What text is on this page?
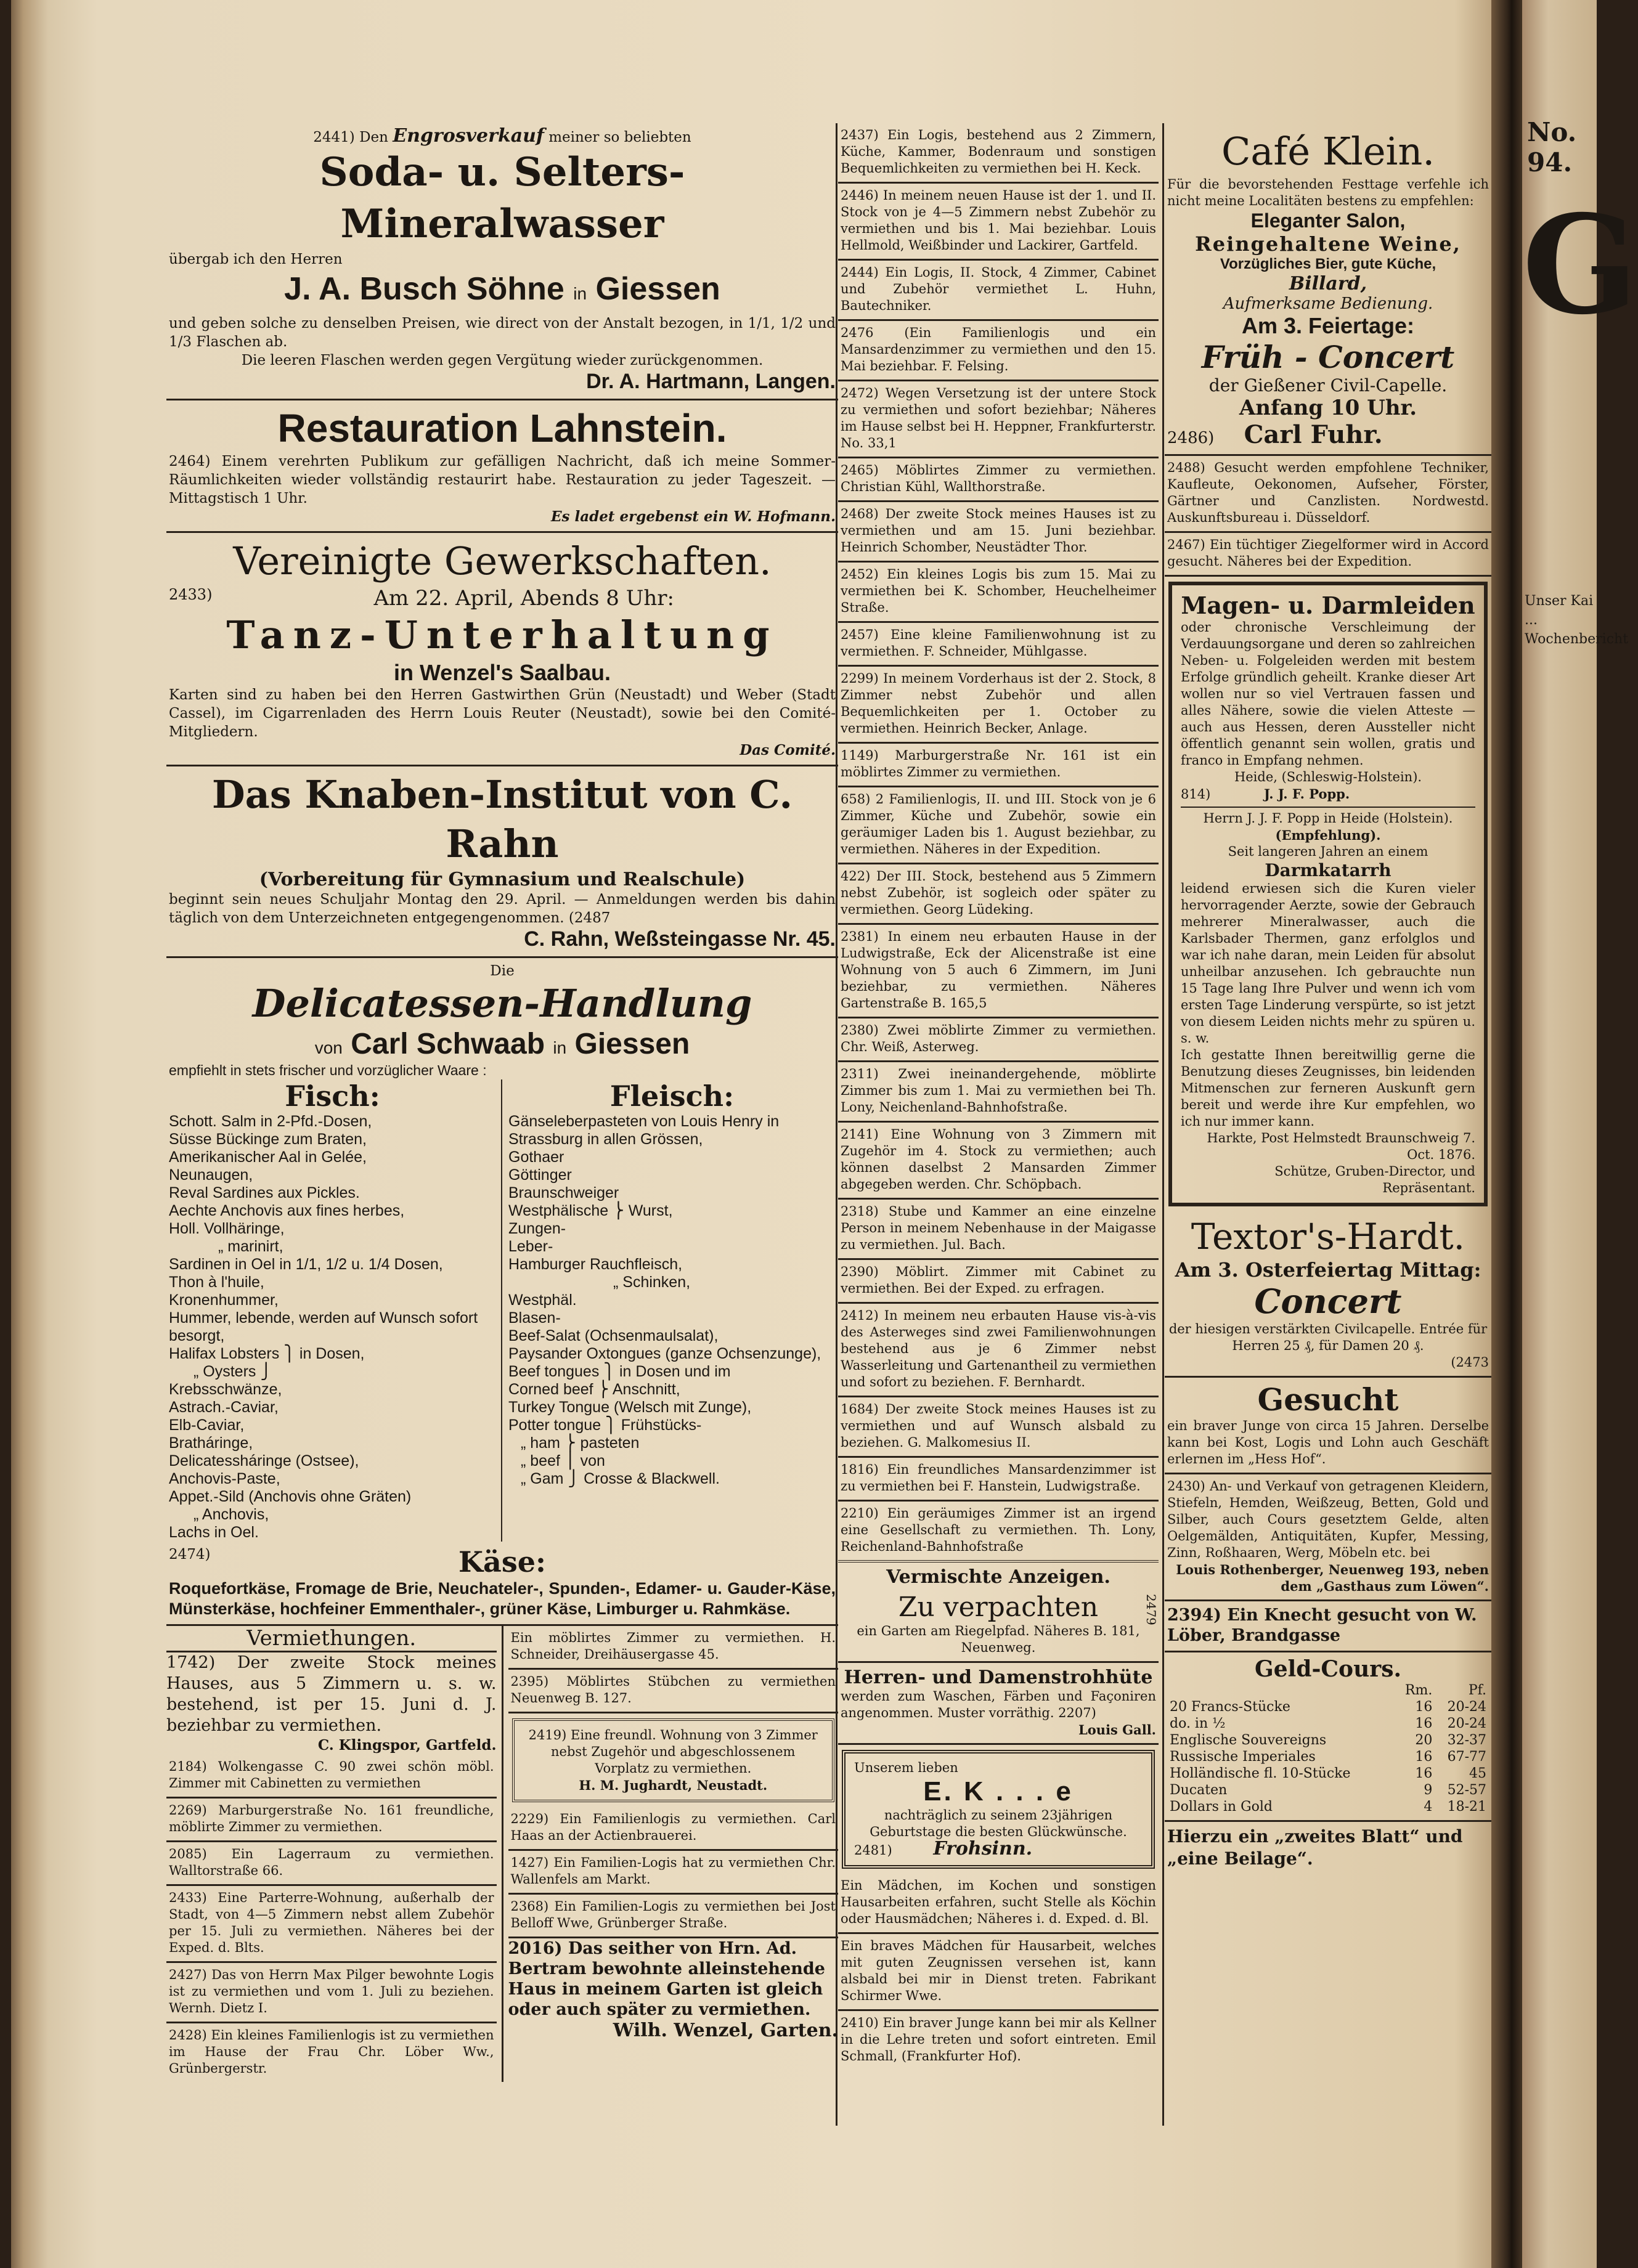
No. 94.
G
Unser Kai ... Wochenbericht

2441) Den Engrosverkauf meiner so beliebten

Soda- u. Selters-Mineralwasser

übergab ich den Herren

J. A. Busch Söhne in Giessen

und geben solche zu denselben Preisen, wie direct von der Anstalt bezogen, in 1/1, 1/2 und 1/3 Flaschen ab.

Die leeren Flaschen werden gegen Vergütung wieder zurückgenommen.

Dr. A. Hartmann, Langen.

Restauration Lahnstein.

2464) Einem verehrten Publikum zur gefälligen Nachricht, daß ich meine Sommer-Räumlichkeiten wieder vollständig restaurirt habe. Restauration zu jeder Tageszeit. — Mittagstisch 1 Uhr.

Es ladet ergebenst ein W. Hofmann.

Vereinigte Gewerkschaften.

2433)	Am 22. April, Abends 8 Uhr:

Tanz-Unterhaltung

in Wenzel's Saalbau.

Karten sind zu haben bei den Herren Gastwirthen Grün (Neustadt) und Weber (Stadt Cassel), im Cigarrenladen des Herrn Louis Reuter (Neustadt), sowie bei den Comité-Mitgliedern.

Das Comité.

Das Knaben-Institut von C. Rahn

(Vorbereitung für Gymnasium und Realschule)

beginnt sein neues Schuljahr Montag den 29. April. — Anmeldungen werden bis dahin täglich von dem Unterzeichneten entgegengenommen. (2487

C. Rahn, Weßsteingasse Nr. 45.

Die

Delicatessen-Handlung

von Carl Schwaab in Giessen

empfiehlt in stets frischer und vorzüglicher Waare :

Fisch:

Schott. Salm in 2-Pfd.-Dosen,

Süsse Bückinge zum Braten,

Amerikanischer Aal in Gelée,

Neunaugen,

Reval Sardines aux Pickles.

Aechte Anchovis aux fines herbes,

Holl. Vollhäringe,

„ marinirt,

Sardinen in Oel in 1/1, 1/2 u. 1/4 Dosen,

Thon à l'huile,

Kronenhummer,

Hummer, lebende, werden auf Wunsch sofort besorgt,

Halifax Lobsters ⎫ in Dosen,

„ Oysters ⎭

Krebsschwänze,

Astrach.-Caviar,

Elb-Caviar,

Bratháringe,

Delicatessháringe (Ostsee),

Anchovis-Paste,

Appet.-Sild (Anchovis ohne Gräten)

„ Anchovis,

Lachs in Oel.

Fleisch:

Gänseleberpasteten von Louis Henry in Strassburg in allen Grössen,

Gothaer

Göttinger

Braunschweiger

Westphälische ⎬ Wurst,

Zungen-

Leber-

Hamburger Rauchfleisch,

„ Schinken,

Westphäl.

Blasen-

Beef-Salat (Ochsenmaulsalat),

Paysander Oxtongues (ganze Ochsenzunge),

Beef tongues ⎫ in Dosen und im

Corned beef ⎬ Anschnitt,

Turkey Tongue (Welsch mit Zunge),

Potter tongue ⎫ Frühstücks-

„ ham ⎬ pasteten

„ beef ⎪ von

„ Gam ⎭ Crosse & Blackwell.

2474)	Käse:

Roquefortkäse, Fromage de Brie, Neuchateler-, Spunden-, Edamer- u. Gauder-Käse, Münsterkäse, hochfeiner Emmenthaler-, grüner Käse, Limburger u. Rahmkäse.

Vermiethungen.

1742) Der zweite Stock meines Hauses, aus 5 Zimmern u. s. w. bestehend, ist per 15. Juni d. J. beziehbar zu vermiethen.

C. Klingspor, Gartfeld.

2184) Wolkengasse C. 90 zwei schön möbl. Zimmer mit Cabinetten zu vermiethen

2269) Marburgerstraße No. 161 freundliche, möblirte Zimmer zu vermiethen.

2085) Ein Lagerraum zu vermiethen. Walltorstraße 66.

2433) Eine Parterre-Wohnung, außerhalb der Stadt, von 4—5 Zimmern nebst allem Zubehör per 15. Juli zu vermiethen. Näheres bei der Exped. d. Blts.

2427) Das von Herrn Max Pilger bewohnte Logis ist zu vermiethen und vom 1. Juli zu beziehen. Wernh. Dietz I.

2428) Ein kleines Familienlogis ist zu vermiethen im Hause der Frau Chr. Löber Ww., Grünbergerstr.

Ein möblirtes Zimmer zu vermiethen. H. Schneider, Dreihäusergasse 45.

2395) Möblirtes Stübchen zu vermiethen Neuenweg B. 127.

2419) Eine freundl. Wohnung von 3 Zimmer nebst Zugehör und abgeschlossenem Vorplatz zu vermiethen.

H. M. Jughardt, Neustadt.

2229) Ein Familienlogis zu vermiethen. Carl Haas an der Actienbrauerei.

1427) Ein Familien-Logis hat zu vermiethen Chr. Wallenfels am Markt.

2368) Ein Familien-Logis zu vermiethen bei Jost Belloff Wwe, Grünberger Straße.

2016) Das seither von Hrn. Ad. Bertram bewohnte alleinstehende Haus in meinem Garten ist gleich oder auch später zu vermiethen.

Wilh. Wenzel, Garten.

2437) Ein Logis, bestehend aus 2 Zimmern, Küche, Kammer, Bodenraum und sonstigen Bequemlichkeiten zu vermiethen bei H. Keck.

2446) In meinem neuen Hause ist der 1. und II. Stock von je 4—5 Zimmern nebst Zubehör zu vermiethen und bis 1. Mai beziehbar. Louis Hellmold, Weißbinder und Lackirer, Gartfeld.

2444) Ein Logis, II. Stock, 4 Zimmer, Cabinet und Zubehör vermiethet L. Huhn, Bautechniker.

2476 (Ein Familienlogis und ein Mansardenzimmer zu vermiethen und den 15. Mai beziehbar. F. Felsing.

2472) Wegen Versetzung ist der untere Stock zu vermiethen und sofort beziehbar; Näheres im Hause selbst bei H. Heppner, Frankfurterstr. No. 33,1

2465) Möblirtes Zimmer zu vermiethen. Christian Kühl, Wallthorstraße.

2468) Der zweite Stock meines Hauses ist zu vermiethen und am 15. Juni beziehbar. Heinrich Schomber, Neustädter Thor.

2452) Ein kleines Logis bis zum 15. Mai zu vermiethen bei K. Schomber, Heuchelheimer Straße.

2457) Eine kleine Familienwohnung ist zu vermiethen. F. Schneider, Mühlgasse.

2299) In meinem Vorderhaus ist der 2. Stock, 8 Zimmer nebst Zubehör und allen Bequemlichkeiten per 1. October zu vermiethen. Heinrich Becker, Anlage.

1149) Marburgerstraße Nr. 161 ist ein möblirtes Zimmer zu vermiethen.

658) 2 Familienlogis, II. und III. Stock von je 6 Zimmer, Küche und Zubehör, sowie ein geräumiger Laden bis 1. August beziehbar, zu vermiethen. Näheres in der Expedition.

422) Der III. Stock, bestehend aus 5 Zimmern nebst Zubehör, ist sogleich oder später zu vermiethen. Georg Lüdeking.

2381) In einem neu erbauten Hause in der Ludwigstraße, Eck der Alicenstraße ist eine Wohnung von 5 auch 6 Zimmern, im Juni beziehbar, zu vermiethen. Näheres Gartenstraße B. 165,5

2380) Zwei möblirte Zimmer zu vermiethen. Chr. Weiß, Asterweg.

2311) Zwei ineinandergehende, möblirte Zimmer bis zum 1. Mai zu vermiethen bei Th. Lony, Neichenland-Bahnhofstraße.

2141) Eine Wohnung von 3 Zimmern mit Zugehör im 4. Stock zu vermiethen; auch können daselbst 2 Mansarden Zimmer abgegeben werden. Chr. Schöpbach.

2318) Stube und Kammer an eine einzelne Person in meinem Nebenhause in der Maigasse zu vermiethen. Jul. Bach.

2390) Möblirt. Zimmer mit Cabinet zu vermiethen. Bei der Exped. zu erfragen.

2412) In meinem neu erbauten Hause vis-à-vis des Asterweges sind zwei Familienwohnungen bestehend aus je 6 Zimmer nebst Wasserleitung und Gartenantheil zu vermiethen und sofort zu beziehen. F. Bernhardt.

1684) Der zweite Stock meines Hauses ist zu vermiethen und auf Wunsch alsbald zu beziehen. G. Malkomesius II.

1816) Ein freundliches Mansardenzimmer ist zu vermiethen bei F. Hanstein, Ludwigstraße.

2210) Ein geräumiges Zimmer ist an irgend eine Gesellschaft zu vermiethen. Th. Lony, Reichenland-Bahnhofstraße

Vermischte Anzeigen.

Zu verpachten	2479

ein Garten am Riegelpfad. Näheres B. 181, Neuenweg.

Herren- und Damenstrohhüte

werden zum Waschen, Färben und Façoniren angenommen. Muster vorräthig. 2207)

Louis Gall.

Unserem lieben

E. K . . . e

nachträglich zu seinem 23jährigen Geburtstage die besten Glückwünsche.

2481) Frohsinn.

Ein Mädchen, im Kochen und sonstigen Hausarbeiten erfahren, sucht Stelle als Köchin oder Hausmädchen; Näheres i. d. Exped. d. Bl.

Ein braves Mädchen für Hausarbeit, welches mit guten Zeugnissen versehen ist, kann alsbald bei mir in Dienst treten. Fabrikant Schirmer Wwe.

2410) Ein braver Junge kann bei mir als Kellner in die Lehre treten und sofort eintreten. Emil Schmall, (Frankfurter Hof).

Café Klein.

Für die bevorstehenden Festtage verfehle ich nicht meine Localitäten bestens zu empfehlen:

Eleganter Salon,

Reingehaltene Weine,

Vorzügliches Bier, gute Küche,

Billard,

Aufmerksame Bedienung.

Am 3. Feiertage:

Früh - Concert

der Gießener Civil-Capelle.

Anfang 10 Uhr.

2486) Carl Fuhr.

2488) Gesucht werden empfohlene Techniker, Kaufleute, Oekonomen, Aufseher, Förster, Gärtner und Canzlisten. Nordwestd. Auskunftsbureau i. Düsseldorf.

2467) Ein tüchtiger Ziegelformer wird in Accord gesucht. Näheres bei der Expedition.

Magen- u. Darmleiden

oder chronische Verschleimung der Verdauungsorgane und deren so zahlreichen Neben- u. Folgeleiden werden mit bestem Erfolge gründlich geheilt. Kranke dieser Art wollen nur so viel Vertrauen fassen und alles Nähere, sowie die vielen Atteste — auch aus Hessen, deren Aussteller nicht öffentlich genannt sein wollen, gratis und franco in Empfang nehmen.

Heide, (Schleswig-Holstein).

814)	J. J. F. Popp.

Herrn J. J. F. Popp in Heide (Holstein).

(Empfehlung).

Seit langeren Jahren an einem

Darmkatarrh

leidend erwiesen sich die Kuren vieler hervorragender Aerzte, sowie der Gebrauch mehrerer Mineralwasser, auch die Karlsbader Thermen, ganz erfolglos und war ich nahe daran, mein Leiden für absolut unheilbar anzusehen. Ich gebrauchte nun 15 Tage lang Ihre Pulver und wenn ich vom ersten Tage Linderung verspürte, so ist jetzt von diesem Leiden nichts mehr zu spüren u. s. w.

Ich gestatte Ihnen bereitwillig gerne die Benutzung dieses Zeugnisses, bin leidenden Mitmenschen zur ferneren Auskunft gern bereit und werde ihre Kur empfehlen, wo ich nur immer kann.

Harkte, Post Helmstedt Braunschweig 7. Oct. 1876.

Schütze, Gruben-Director, und Repräsentant.

Textor's-Hardt.

Am 3. Osterfeiertag Mittag:

Concert

der hiesigen verstärkten Civilcapelle. Entrée für Herren 25 ₰, für Damen 20 ₰.

(2473

Gesucht

ein braver Junge von circa 15 Jahren. Derselbe kann bei Kost, Logis und Lohn auch Geschäft erlernen im „Hess Hof“.

2430) An- und Verkauf von getragenen Kleidern, Stiefeln, Hemden, Weißzeug, Betten, Gold und Silber, auch Cours gesetztem Gelde, alten Oelgemälden, Antiquitäten, Kupfer, Messing, Zinn, Roßhaaren, Werg, Möbeln etc. bei

Louis Rothenberger, Neuenweg 193, neben dem „Gasthaus zum Löwen“.

2394) Ein Knecht gesucht von W. Löber, Brandgasse

Geld-Cours.

	Rm.	Pf.
20 Francs-Stücke	16	20-24
do. in ½	16	20-24
Englische Souvereigns	20	32-37
Russische Imperiales	16	67-77
Holländische fl. 10-Stücke	16	45
Ducaten	9	52-57
Dollars in Gold	4	18-21

Hierzu ein „zweites Blatt“ und „eine Beilage“.
